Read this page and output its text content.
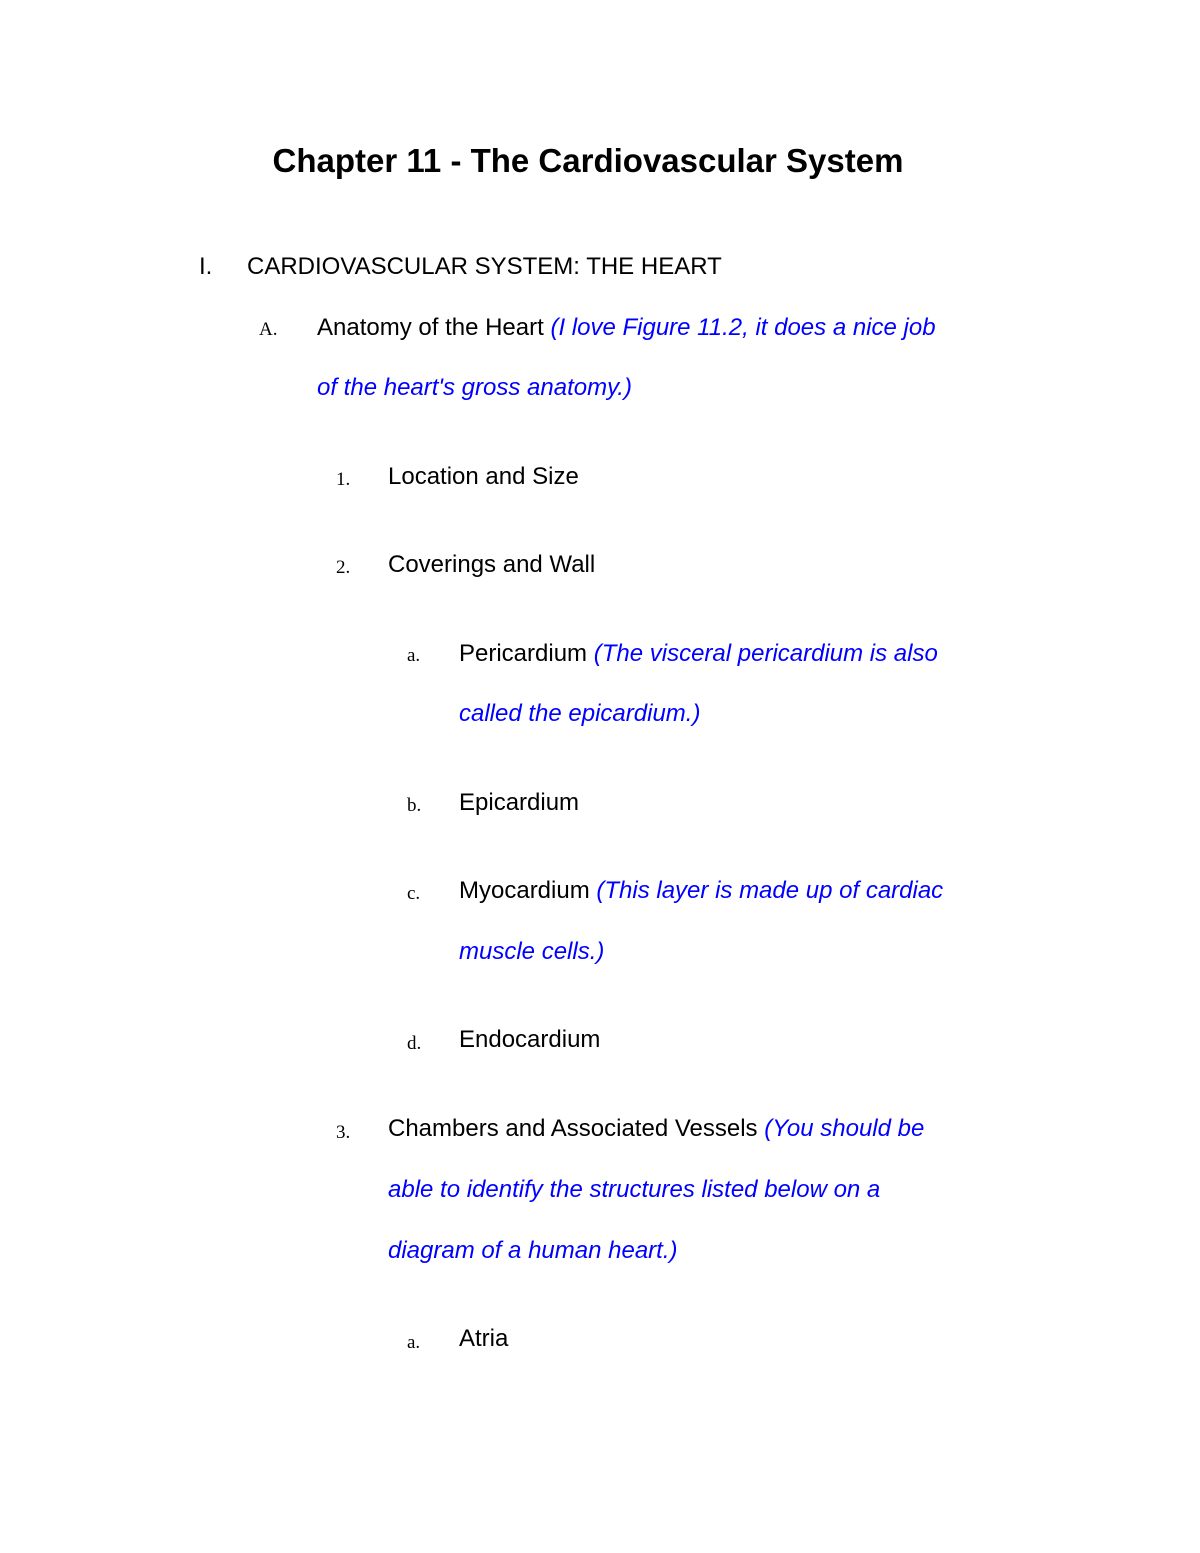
Chapter 11 - The Cardiovascular System
I. CARDIOVASCULAR SYSTEM: THE HEART
A. Anatomy of the Heart (I love Figure 11.2, it does a nice job
of the heart's gross anatomy.)
1. Location and Size
2. Coverings and Wall
a. Pericardium (The visceral pericardium is also
called the epicardium.)
b. Epicardium
c. Myocardium (This layer is made up of cardiac
muscle cells.)
d. Endocardium
3. Chambers and Associated Vessels (You should be
able to identify the structures listed below on a
diagram of a human heart.)
a. Atria
